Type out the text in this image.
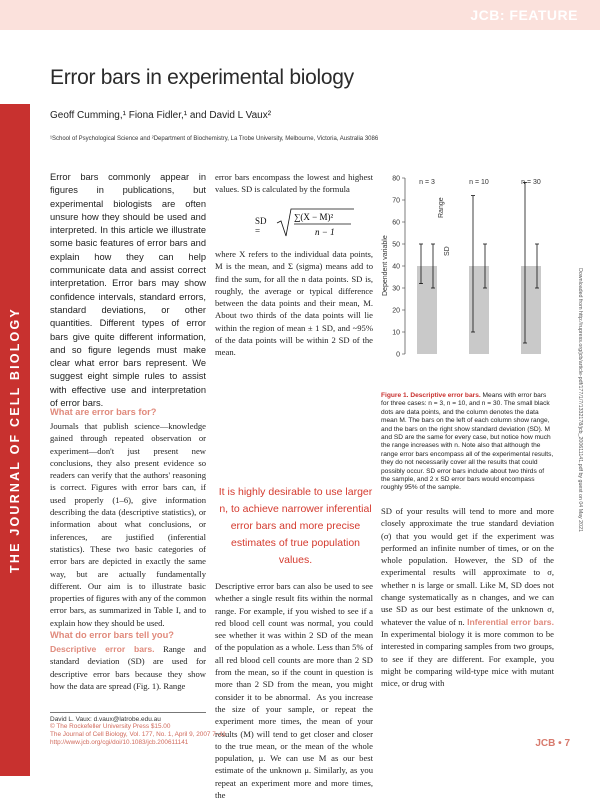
JCB: FEATURE
THE JOURNAL OF CELL BIOLOGY
Error bars in experimental biology
Geoff Cumming,¹ Fiona Fidler,¹ and David L Vaux²
¹School of Psychological Science and ²Department of Biochemistry, La Trobe University, Melbourne, Victoria, Australia 3086

Error bars commonly appear in figures in publications, but experimental biologists are often unsure how they should be used and interpreted. In this article we illustrate some basic features of error bars and explain how they can help communicate data and assist correct interpretation. Error bars may show confidence intervals, standard errors, standard deviations, or other quantities. Different types of error bars give quite different information, and so figure legends must make clear what error bars represent. We suggest eight simple rules to assist with effective use and interpretation of error bars.

What are error bars for?

Journals that publish science—knowledge gained through repeated observation or experiment—don't just present new conclusions, they also present evidence so readers can verify that the authors' reasoning is correct. Figures with error bars can, if used properly (1–6), give information describing the data (descriptive statistics), or information about what conclusions, or inferences, are justified (inferential statistics). These two basic categories of error bars are depicted in exactly the same way, but are actually fundamentally different. Our aim is to illustrate basic properties of figures with any of the common error bars, as summarized in Table I, and to explain how they should be used.

What do error bars tell you?

Descriptive error bars. Range and standard deviation (SD) are used for descriptive error bars because they show how the data are spread (Fig. 1). Range

David L. Vaux: d.vaux@latrobe.edu.au

error bars encompass the lowest and highest values. SD is calculated by the formula

SD =
∑(X − M)²
n − 1

where X refers to the individual data points, M is the mean, and Σ (sigma) means add to find the sum, for all the n data points. SD is, roughly, the average or typical difference between the data points and their mean, M. About two thirds of the data points will lie within the region of mean ± 1 SD, and ~95% of the data points will be within 2 SD of the mean.

It is highly desirable to use larger n, to achieve narrower inferential error bars and more precise estimates of true population values.

Descriptive error bars can also be used to see whether a single result fits within the normal range. For example, if you wished to see if a red blood cell count was normal, you could see whether it was within 2 SD of the mean of the population as a whole. Less than 5% of all red blood cell counts are more than 2 SD from the mean, so if the count in question is more than 2 SD from the mean, you might consider it to be abnormal.  As you increase the size of your sample, or repeat the experiment more times, the mean of your results (M) will tend to get closer and closer to the true mean, or the mean of the whole population, μ. We can use M as our best estimate of the unknown μ. Similarly, as you repeat an experiment more and more times, the

0
10
20
30
40
50
60
70
80	n = 3	n = 10	n = 30
Range
SD
Dependent variable
Figure 1. Descriptive error bars. Means with error bars for three cases: n = 3, n = 10, and n = 30. The small black dots are data points, and the column denotes the data mean M. The bars on the left of each column show range, and the bars on the right show standard deviation (SD). M and SD are the same for every case, but notice how much the range increases with n. Note also that although the range error bars encompass all of the experimental results, they do not necessarily cover all the results that could possibly occur. SD error bars include about two thirds of the sample, and 2 x SD error bars would encompass roughly 95% of the sample.

SD of your results will tend to more and more closely approximate the true standard deviation (σ) that you would get if the experiment was performed an infinite number of times, or on the whole population. However, the SD of the experimental results will approximate to σ, whether n is large or small. Like M, SD does not change systematically as n changes, and we can use SD as our best estimate of the unknown σ, whatever the value of n. Inferential error bars. In experimental biology it is more common to be interested in comparing samples from two groups, to see if they are different. For example, you might be comparing wild-type mice with mutant mice, or drug with

Downloaded from http://rupress.org/jcb/article-pdf/177/1/7/1332178/jcb_200611141.pdf by guest on 04 May 2021
© The Rockefeller University Press $15.00
The Journal of Cell Biology, Vol. 177, No. 1, April 9, 2007 7–11
http://www.jcb.org/cgi/doi/10.1083/jcb.200611141	JCB • 7
